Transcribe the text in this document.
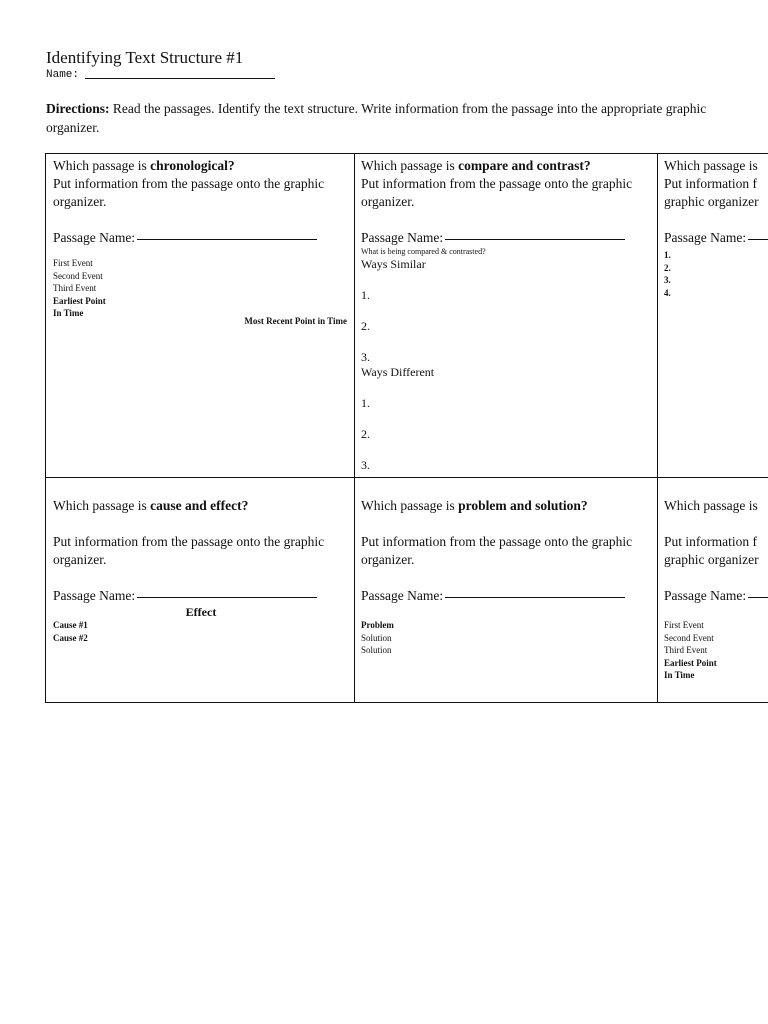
Identifying Text Structure #1
Name:
Directions: Read the passages. Identify the text structure. Write information from the passage into the appropriate graphic organizer.
Which passage is chronological?
Put information from the passage onto the graphic organizer.
Passage Name:
First Event
Second Event
Third Event
Earliest Point
In Time
Most Recent Point in Time
Which passage is compare and contrast?
Put information from the passage onto the graphic organizer.
Passage Name:
What is being compared & contrasted?
Ways Similar
1.
2.
3.
Ways Different
1.
2.
3.
Which passage is
Put information f
graphic organizer
Passage Name:
1.
2.
3.
4.
Which passage is cause and effect?
Put information from the passage onto the graphic organizer.
Passage Name:
Effect
Cause #1
Cause #2
Which passage is problem and solution?
Put information from the passage onto the graphic organizer.
Passage Name:
Problem
Solution
Solution
Which passage is
Put information f
graphic organizer
Passage Name:
First Event
Second Event
Third Event
Earliest Point
In Time
